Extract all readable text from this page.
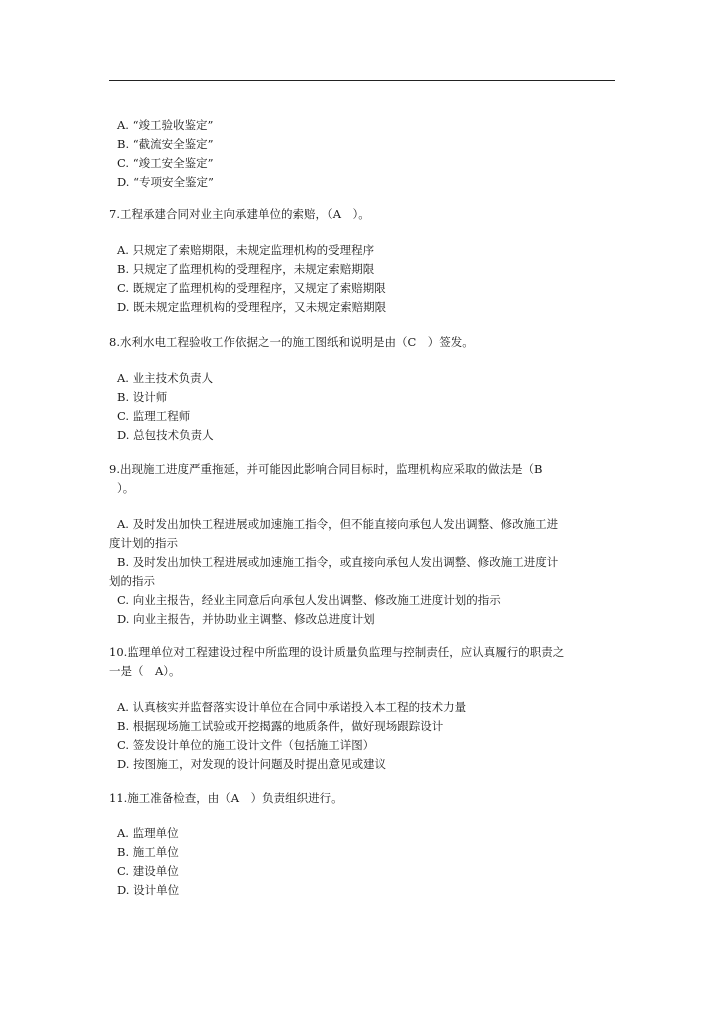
A. “竣工验收鉴定”
B. “截流安全鉴定”
C. “竣工安全鉴定”
D. “专项安全鉴定”
7.工程承建合同对业主向承建单位的索赔，（A　）。
A. 只规定了索赔期限，未规定监理机构的受理程序
B. 只规定了监理机构的受理程序，未规定索赔期限
C. 既规定了监理机构的受理程序，又规定了索赔期限
D. 既未规定监理机构的受理程序，又未规定索赔期限
8.水利水电工程验收工作依据之一的施工图纸和说明是由（C　）签发。
A. 业主技术负责人
B. 设计师
C. 监理工程师
D. 总包技术负责人
9.出现施工进度严重拖延，并可能因此影响合同目标时，监理机构应采取的做法是（B
）。
A. 及时发出加快工程进展或加速施工指令，但不能直接向承包人发出调整、修改施工进
度计划的指示
B. 及时发出加快工程进展或加速施工指令，或直接向承包人发出调整、修改施工进度计
划的指示
C. 向业主报告，经业主同意后向承包人发出调整、修改施工进度计划的指示
D. 向业主报告，并协助业主调整、修改总进度计划
10.监理单位对工程建设过程中所监理的设计质量负监理与控制责任，应认真履行的职责之
一是（　A）。
A. 认真核实并监督落实设计单位在合同中承诺投入本工程的技术力量
B. 根据现场施工试验或开挖揭露的地质条件，做好现场跟踪设计
C. 签发设计单位的施工设计文件（包括施工详图）
D. 按图施工，对发现的设计问题及时提出意见或建议
11.施工准备检查，由（A　）负责组织进行。
A. 监理单位
B. 施工单位
C. 建设单位
D. 设计单位
